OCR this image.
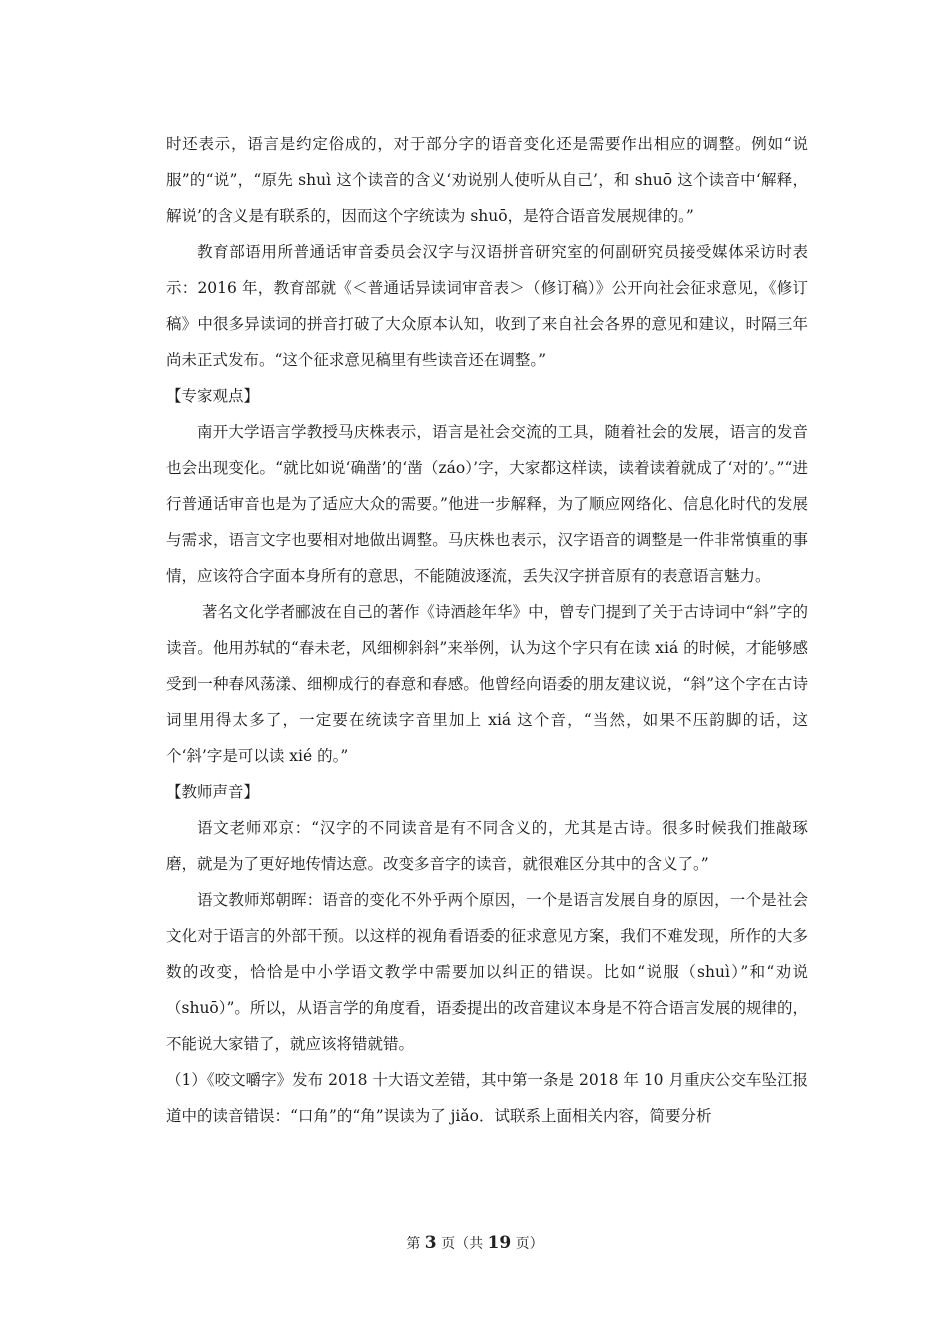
时还表示，语言是约定俗成的，对于部分字的语音变化还是需要作出相应的调整。例如“说服”的“说”，“原先 shuì 这个读音的含义‘劝说别人使听从自己’，和 shuō 这个读音中‘解释，解说’的含义是有联系的，因而这个字统读为 shuō，是符合语音发展规律的。”

教育部语用所普通话审音委员会汉字与汉语拼音研究室的何副研究员接受媒体采访时表示：2016 年，教育部就《＜普通话异读词审音表＞（修订稿）》公开向社会征求意见，《修订稿》中很多异读词的拼音打破了大众原本认知，收到了来自社会各界的意见和建议，时隔三年尚未正式发布。“这个征求意见稿里有些读音还在调整。”

【专家观点】

南开大学语言学教授马庆株表示，语言是社会交流的工具，随着社会的发展，语言的发音也会出现变化。“就比如说‘确凿’的‘凿（záo）’字，大家都这样读，读着读着就成了‘对的’。”“进行普通话审音也是为了适应大众的需要。”他进一步解释，为了顺应网络化、信息化时代的发展与需求，语言文字也要相对地做出调整。马庆株也表示，汉字语音的调整是一件非常慎重的事情，应该符合字面本身所有的意思，不能随波逐流，丢失汉字拼音原有的表意语言魅力。

著名文化学者郦波在自己的著作《诗酒趁年华》中，曾专门提到了关于古诗词中“斜”字的读音。他用苏轼的“春未老，风细柳斜斜”来举例，认为这个字只有在读 xiá 的时候，才能够感受到一种春风荡漾、细柳成行的春意和春感。他曾经向语委的朋友建议说，“斜”这个字在古诗词里用得太多了，一定要在统读字音里加上 xiá 这个音，“当然，如果不压韵脚的话，这个‘斜’字是可以读 xié 的。”

【教师声音】

语文老师邓京：“汉字的不同读音是有不同含义的，尤其是古诗。很多时候我们推敲琢磨，就是为了更好地传情达意。改变多音字的读音，就很难区分其中的含义了。”

语文教师郑朝晖：语音的变化不外乎两个原因，一个是语言发展自身的原因，一个是社会文化对于语言的外部干预。以这样的视角看语委的征求意见方案，我们不难发现，所作的大多数的改变，恰恰是中小学语文教学中需要加以纠正的错误。比如“说服（shuì）”和“劝说（shuō）”。所以，从语言学的角度看，语委提出的改音建议本身是不符合语言发展的规律的，不能说大家错了，就应该将错就错。

（1）《咬文嚼字》发布 2018 十大语文差错，其中第一条是 2018 年 10 月重庆公交车坠江报道中的读音错误：“口角”的“角”误读为了 jiǎo．试联系上面相关内容，简要分析

第 3 页（共 19 页）
